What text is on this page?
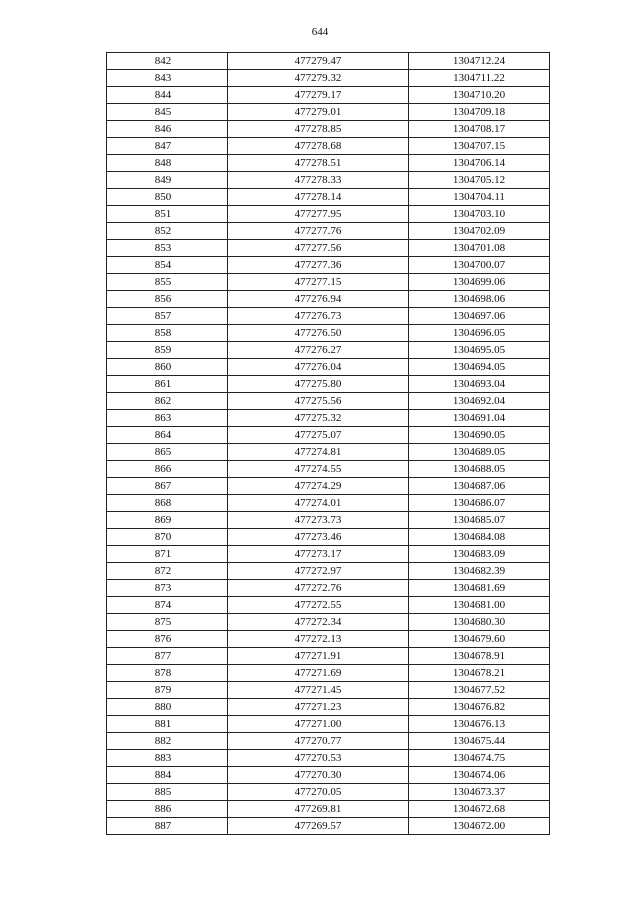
644
842	477279.47	1304712.24
843	477279.32	1304711.22
844	477279.17	1304710.20
845	477279.01	1304709.18
846	477278.85	1304708.17
847	477278.68	1304707.15
848	477278.51	1304706.14
849	477278.33	1304705.12
850	477278.14	1304704.11
851	477277.95	1304703.10
852	477277.76	1304702.09
853	477277.56	1304701.08
854	477277.36	1304700.07
855	477277.15	1304699.06
856	477276.94	1304698.06
857	477276.73	1304697.06
858	477276.50	1304696.05
859	477276.27	1304695.05
860	477276.04	1304694.05
861	477275.80	1304693.04
862	477275.56	1304692.04
863	477275.32	1304691.04
864	477275.07	1304690.05
865	477274.81	1304689.05
866	477274.55	1304688.05
867	477274.29	1304687.06
868	477274.01	1304686.07
869	477273.73	1304685.07
870	477273.46	1304684.08
871	477273.17	1304683.09
872	477272.97	1304682.39
873	477272.76	1304681.69
874	477272.55	1304681.00
875	477272.34	1304680.30
876	477272.13	1304679.60
877	477271.91	1304678.91
878	477271.69	1304678.21
879	477271.45	1304677.52
880	477271.23	1304676.82
881	477271.00	1304676.13
882	477270.77	1304675.44
883	477270.53	1304674.75
884	477270.30	1304674.06
885	477270.05	1304673.37
886	477269.81	1304672.68
887	477269.57	1304672.00
